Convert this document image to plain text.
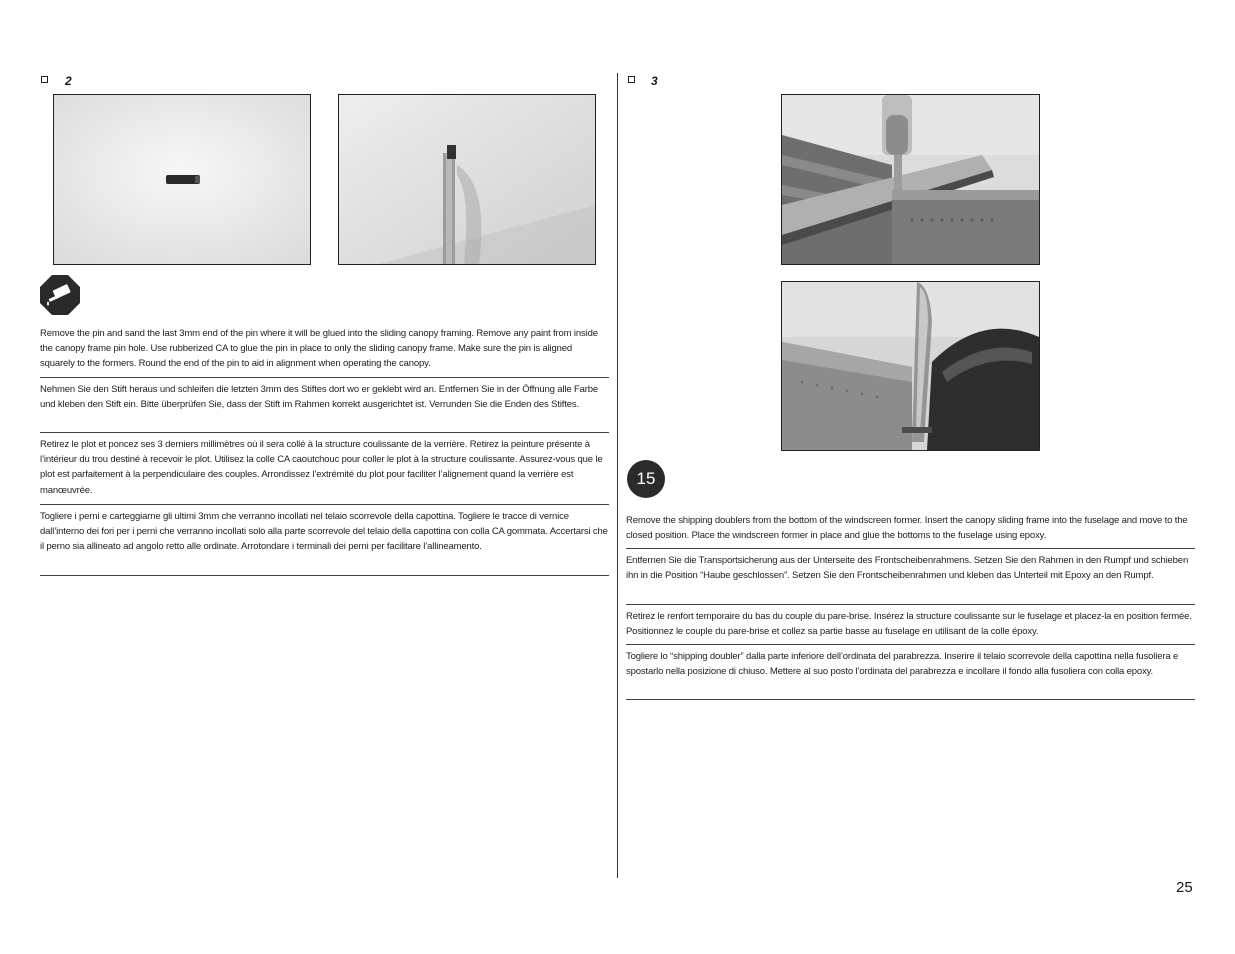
2
Remove the pin and sand the last 3mm end of the pin where it will be glued into the sliding canopy framing. Remove any paint from inside the canopy frame pin hole. Use rubberized CA to glue the pin in place to only the sliding canopy frame. Make sure the pin is aligned squarely to the formers. Round the end of the pin to aid in alignment when operating the canopy.
Nehmen Sie den Stift heraus und schleifen die letzten 3mm des Stiftes dort wo er geklebt wird an. Entfernen Sie in der Öffnung alle Farbe und kleben den Stift ein. Bitte überprüfen Sie, dass der Stift im Rahmen korrekt ausgerichtet ist. Verrunden Sie die Enden des Stiftes.
Retirez le plot et poncez ses 3 derniers millimètres où il sera collé à la structure coulissante de la verrière. Retirez la peinture présente à l’intérieur du trou destiné à recevoir le plot. Utilisez la colle CA caoutchouc pour coller le plot à la structure coulissante. Assurez-vous que le plot est parfaitement à la perpendiculaire des couples. Arrondissez l’extrémité du plot pour faciliter l’alignement quand la verrière est manœuvrée.
Togliere i perni e carteggiarne gli ultimi 3mm che verranno incollati nel telaio scorrevole della capottina. Togliere le tracce di vernice dall’interno dei fori per i perni che verranno incollati solo alla parte scorrevole del telaio della capottina con colla CA gommata. Accertarsi che il perno sia allineato ad angolo retto alle ordinate. Arrotondare i terminali dei perni per facilitare l’allineamento.
3
15
Remove the shipping doublers from the bottom of the windscreen former. Insert the canopy sliding frame into the fuselage and move to the closed position. Place the windscreen former in place and glue the bottoms to the fuselage using epoxy.
Entfernen Sie die Transportsicherung aus der Unterseite des Frontscheibenrahmens. Setzen Sie den Rahmen in den Rumpf und schieben ihn in die Position “Haube geschlossen”. Setzen Sie den Frontscheibenrahmen und kleben das Unterteil mit Epoxy an den Rumpf.
Retirez le renfort temporaire du bas du couple du pare-brise. Insérez la structure coulissante sur le fuselage et placez-la en position fermée. Positionnez le couple du pare-brise et collez sa partie basse au fuselage en utilisant de la colle époxy.
Togliere lo “shipping doubler” dalla parte inferiore dell’ordinata del parabrezza. Inserire il telaio scorrevole della capottina nella fusoliera e spostarlo nella posizione di chiuso. Mettere al suo posto l’ordinata del parabrezza e incollare il fondo alla fusoliera con colla epoxy.
25
